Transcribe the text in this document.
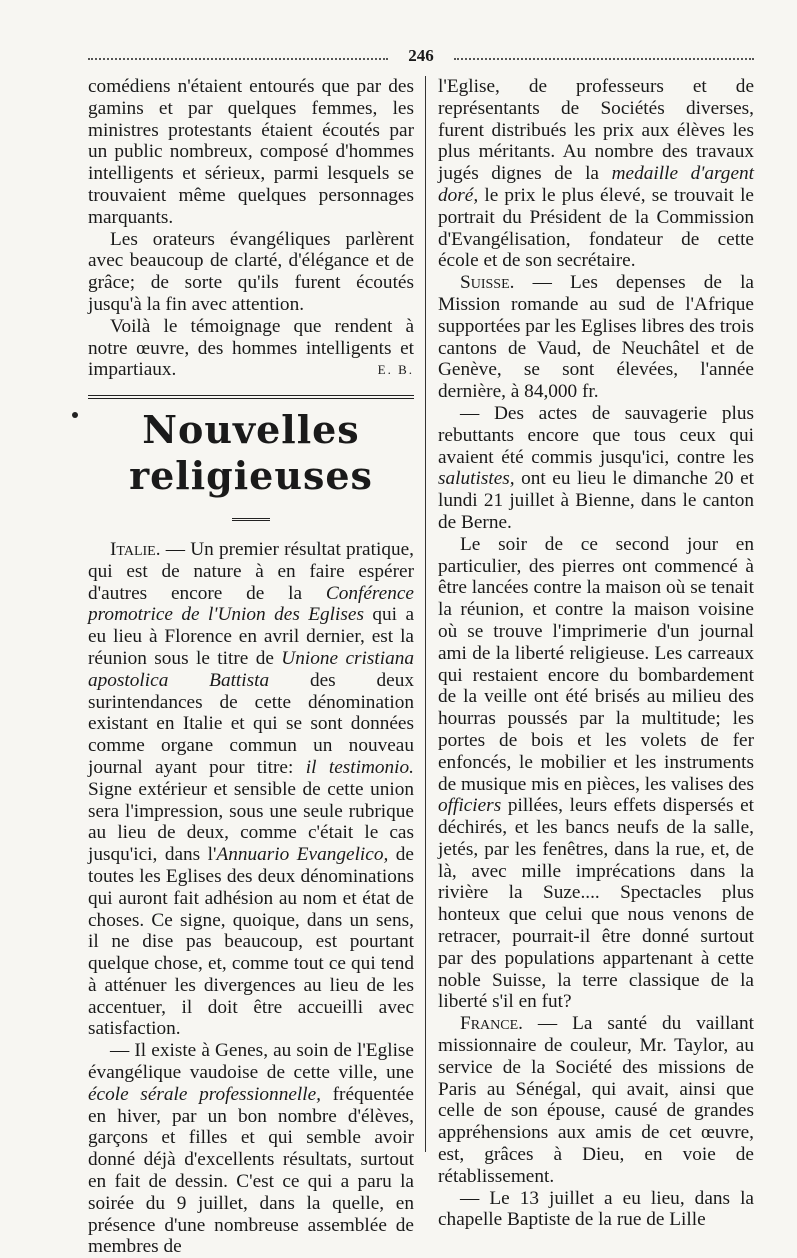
246

comédiens n'étaient entourés que par des gamins et par quelques femmes, les ministres protestants étaient écoutés par un public nombreux, composé d'hommes intelligents et sérieux, parmi lesquels se trouvaient même quelques personnages marquants.

Les orateurs évangéliques parlèrent avec beaucoup de clarté, d'élégance et de grâce; de sorte qu'ils furent écoutés jusqu'à la fin avec attention.

Voilà le témoignage que rendent à notre œuvre, des hommes intelligents et impartiaux.	E. B.

Nouvelles religieuses

Italie. — Un premier résultat pratique, qui est de nature à en faire espérer d'autres encore de la Conférence promotrice de l'Union des Eglises qui a eu lieu à Florence en avril dernier, est la réunion sous le titre de Unione cristiana apostolica Battista des deux surintendances de cette dénomination existant en Italie et qui se sont données comme organe commun un nouveau journal ayant pour titre: il testimonio. Signe extérieur et sensible de cette union sera l'impression, sous une seule rubrique au lieu de deux, comme c'était le cas jusqu'ici, dans l'Annuario Evangelico, de toutes les Eglises des deux dénominations qui auront fait adhésion au nom et état de choses. Ce signe, quoique, dans un sens, il ne dise pas beaucoup, est pourtant quelque chose, et, comme tout ce qui tend à atténuer les divergences au lieu de les accentuer, il doit être accueilli avec satisfaction.

— Il existe à Genes, au soin de l'Eglise évangélique vaudoise de cette ville, une école sérale professionnelle, fréquentée en hiver, par un bon nombre d'élèves, garçons et filles et qui semble avoir donné déjà d'excellents résultats, surtout en fait de dessin. C'est ce qui a paru la soirée du 9 juillet, dans la quelle, en présence d'une nombreuse assemblée de membres de

l'Eglise, de professeurs et de représentants de Sociétés diverses, furent distribués les prix aux élèves les plus méritants. Au nombre des travaux jugés dignes de la medaille d'argent doré, le prix le plus élevé, se trouvait le portrait du Président de la Commission d'Evangélisation, fondateur de cette école et de son secrétaire.

Suisse. — Les depenses de la Mission romande au sud de l'Afrique supportées par les Eglises libres des trois cantons de Vaud, de Neuchâtel et de Genève, se sont élevées, l'année dernière, à 84,000 fr.

— Des actes de sauvagerie plus rebuttants encore que tous ceux qui avaient été commis jusqu'ici, contre les salutistes, ont eu lieu le dimanche 20 et lundi 21 juillet à Bienne, dans le canton de Berne.

Le soir de ce second jour en particulier, des pierres ont commencé à être lancées contre la maison où se tenait la réunion, et contre la maison voisine où se trouve l'imprimerie d'un journal ami de la liberté religieuse. Les carreaux qui restaient encore du bombardement de la veille ont été brisés au milieu des hourras poussés par la multitude; les portes de bois et les volets de fer enfoncés, le mobilier et les instruments de musique mis en pièces, les valises des officiers pillées, leurs effets dispersés et déchirés, et les bancs neufs de la salle, jetés, par les fenêtres, dans la rue, et, de là, avec mille imprécations dans la rivière la Suze.... Spectacles plus honteux que celui que nous venons de retracer, pourrait-il être donné surtout par des populations appartenant à cette noble Suisse, la terre classique de la liberté s'il en fut?

France. — La santé du vaillant missionnaire de couleur, Mr. Taylor, au service de la Société des missions de Paris au Sénégal, qui avait, ainsi que celle de son épouse, causé de grandes appréhensions aux amis de cet œuvre, est, grâces à Dieu, en voie de rétablissement.

— Le 13 juillet a eu lieu, dans la chapelle Baptiste de la rue de Lille
